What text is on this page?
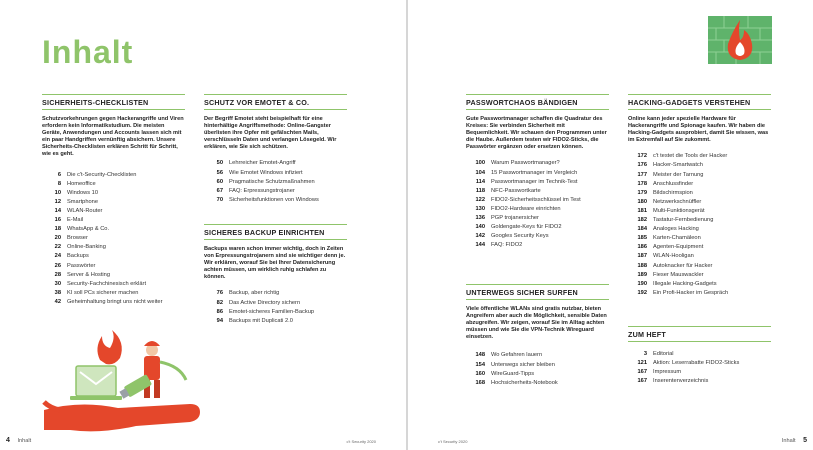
Inhalt
SICHERHEITS-CHECKLISTEN
Schutzvorkehrungen gegen Hackerangriffe und Viren erfordern kein Informatikstudium. Die meisten Geräte, Anwendungen und Accounts lassen sich mit ein paar Handgriffen vernünftig absichern. Unsere Sicherheits-Checklisten erklären Schritt für Schritt, wie es geht.
6	Die c't-Security-Checklisten
8	Homeoffice
10	Windows 10
12	Smartphone
14	WLAN-Router
16	E-Mail
18	WhatsApp & Co.
20	Browser
22	Online-Banking
24	Backups
26	Passwörter
28	Server & Hosting
30	Security-Fachchinesisch erklärt
38	KI soll PCs sicherer machen
42	Geheimhaltung bringt uns nicht weiter
SCHUTZ VOR EMOTET & CO.
Der Begriff Emotet steht beispielhaft für eine hinterhältige Angriffsmethode: Online-Gangster überlisten ihre Opfer mit gefälschten Mails, verschlüsseln Daten und verlangen Lösegeld. Wir erklären, wie Sie sich schützen.
50	Lehrreicher Emotet-Angriff
56	Wie Emotet Windows infiziert
60	Pragmatische Schutzmaßnahmen
67	FAQ: Erpressungstrojaner
70	Sicherheitsfunktionen von Windows
SICHERES BACKUP EINRICHTEN
Backups waren schon immer wichtig, doch in Zeiten von Erpressungstrojanern sind sie wichtiger denn je. Wir erklären, worauf Sie bei Ihrer Datensicherung achten müssen, um wirklich ruhig schlafen zu können.
76	Backup, aber richtig
82	Das Active Directory sichern
86	Emotet-sicheres Familien-Backup
94	Backups mit Duplicati 2.0
4 Inhalt	c't Security 2020
PASSWORTCHAOS BÄNDIGEN
Gute Passwortmanager schaffen die Quadratur des Kreises: Sie verbinden Sicherheit mit Bequemlichkeit. Wir schauen den Programmen unter die Haube. Außerdem testen wir FIDO2-Sticks, die Passwörter ergänzen oder ersetzen können.
100	Warum Passwortmanager?
104	15 Passwortmanager im Vergleich
114	Passwortmanager im Technik-Test
118	NFC-Passwortkarte
122	FIDO2-Sicherheitsschlüssel im Test
130	FIDO2-Hardware einrichten
136	PGP trojanersicher
140	Goldengate-Keys für FIDO2
142	Googles Security Keys
144	FAQ: FIDO2
UNTERWEGS SICHER SURFEN
Viele öffentliche WLANs sind gratis nutzbar, bieten Angreifern aber auch die Möglichkeit, sensible Daten abzugreifen. Wir zeigen, worauf Sie im Alltag achten müssen und wie Sie die VPN-Technik Wireguard einsetzen.
148	Wo Gefahren lauern
154	Unterwegs sicher bleiben
160	WireGuard-Tipps
168	Hochsicherheits-Notebook
HACKING-GADGETS VERSTEHEN
Online kann jeder spezielle Hardware für Hackerangriffe und Spionage kaufen. Wir haben die Hacking-Gadgets ausprobiert, damit Sie wissen, was im Extremfall auf Sie zukommt.
172	c't testet die Tools der Hacker
176	Hacker-Smartwatch
177	Meister der Tarnung
178	Anschlussfinder
179	Bildschirmspion
180	Netzwerkschnüffler
181	Multi-Funktionsgerät
182	Tastatur-Fernbedienung
184	Analoges Hacking
185	Karten-Chamäleon
186	Agenten-Equipment
187	WLAN-Hooligan
188	Autoknacker für Hacker
189	Fieser Mauswackler
190	Illegale Hacking-Gadgets
192	Ein Profi-Hacker im Gespräch
ZUM HEFT
3	Editorial
121	Aktion: Leserrabatte FIDO2-Sticks
167	Impressum
167	Inserentenverzeichnis
c't Security 2020	Inhalt 5
